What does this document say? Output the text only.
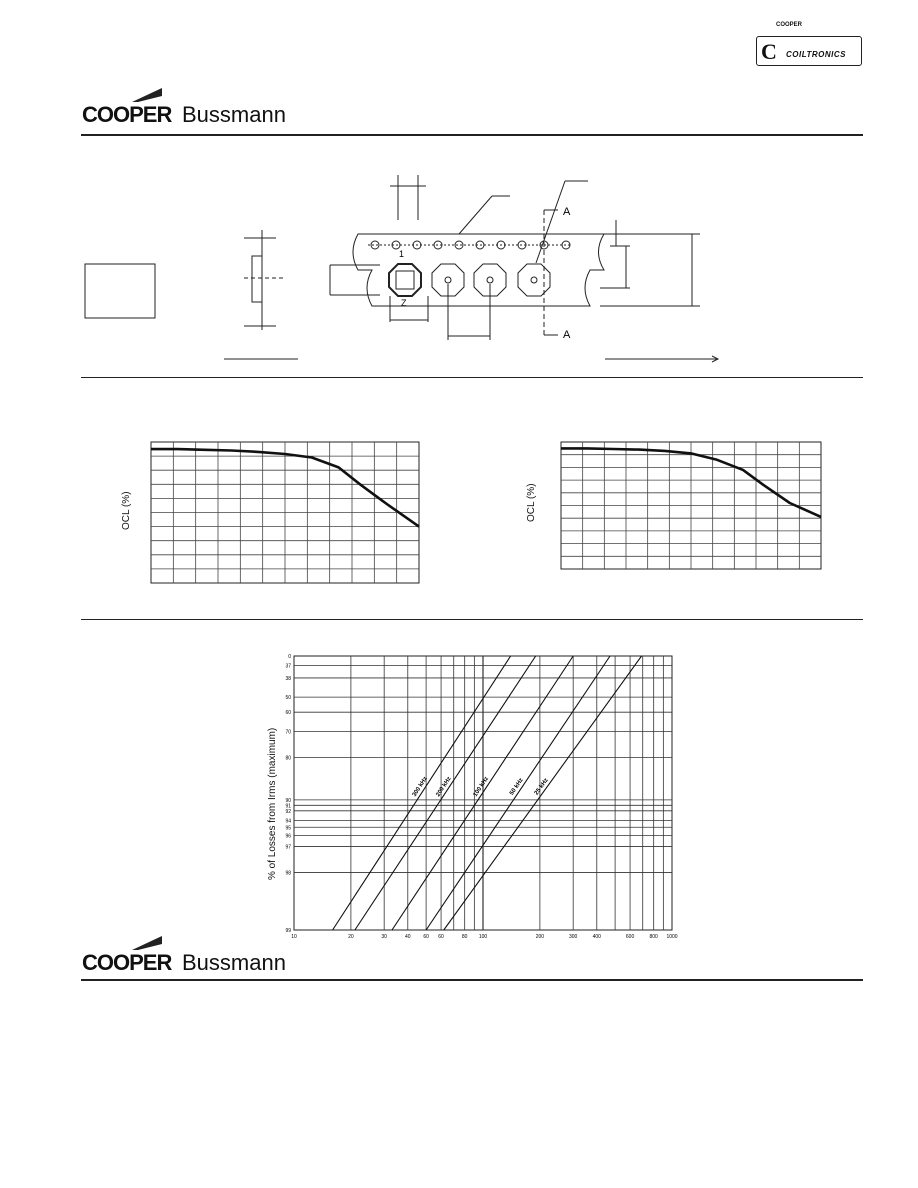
COOPER
C COILTRONICS
COOPER Bussmann
1
Z
A
A
OCL (%)	OCL (%)
0
37
38
50
60
70
80
90
91
92
94
95
96
97
98
99
10	20	30	40	60 60	80 100	200	300	400	600	800 1000
300 kHz 200 kHz	100 kHz	50 kHz 25 kHz
% of Losses from Irms (maximum)
COOPER Bussmann
